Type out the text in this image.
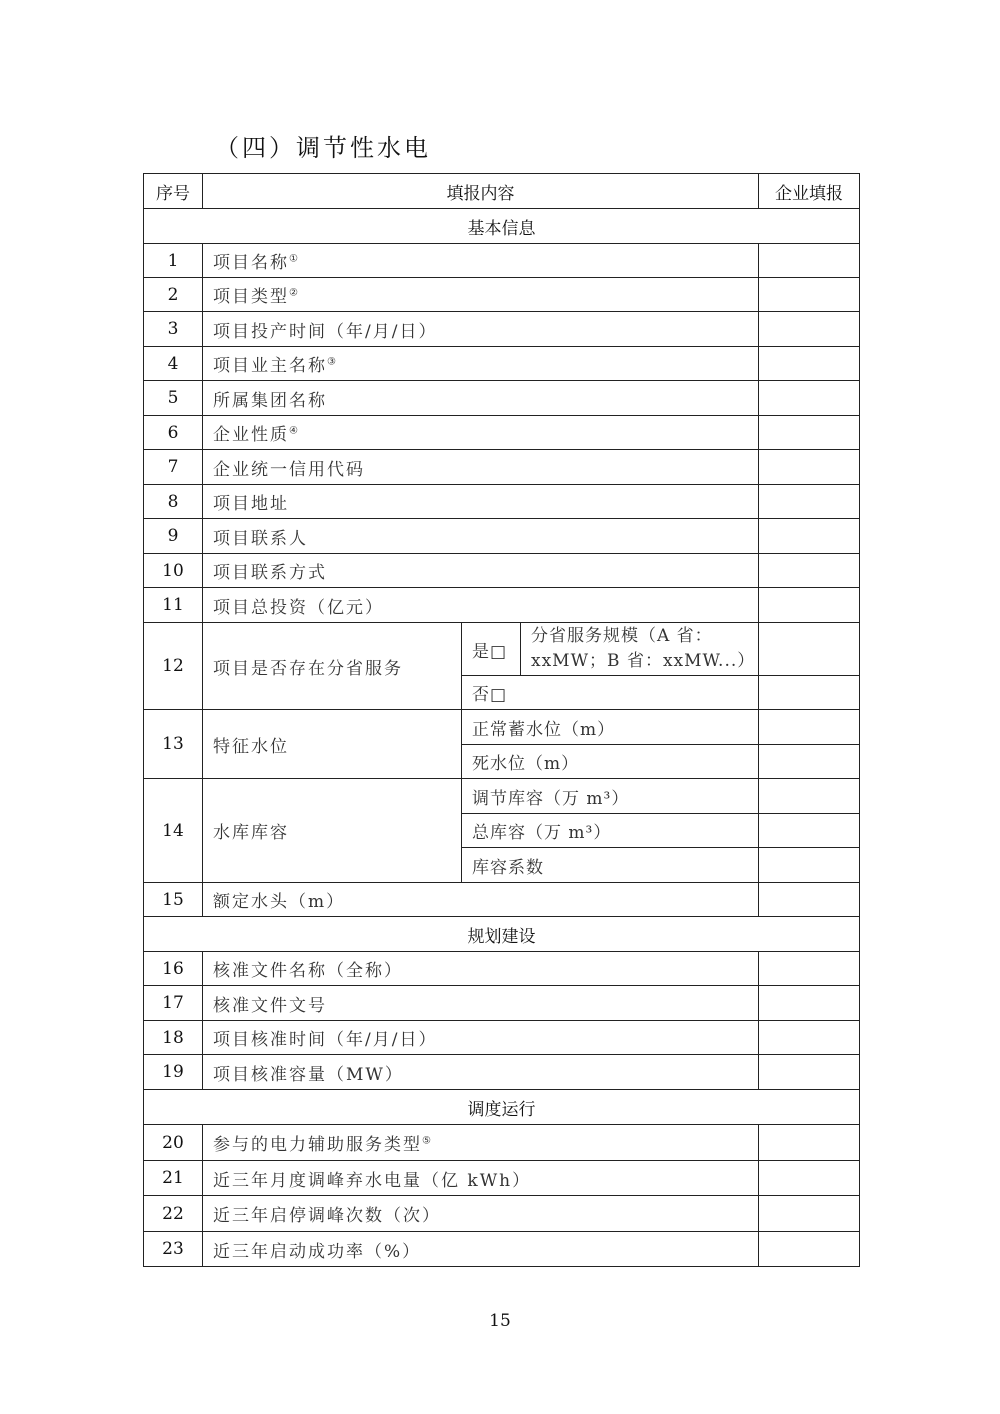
（四）调节性水电
序号	填报内容			企业填报
基本信息				
1	项目名称①	
2	项目类型②	
3	项目投产时间（年/月/日）			
4	项目业主名称③	
5	所属集团名称			
6	企业性质④	
7	企业统一信用代码			
8	项目地址			
9	项目联系人			
10	项目联系方式			
11	项目总投资（亿元）			
12	项目是否存在分省服务	是□	分省服务规模（A 省：xxMW；B 省：xxMW...）	
		否□		
13	特征水位	正常蓄水位（m）		
		死水位（m）		
14	水库库容	调节库容（万 m³）		
		总库容（万 m³）		
		库容系数		
15	额定水头（m）			
规划建设				
16	核准文件名称（全称）			
17	核准文件文号			
18	项目核准时间（年/月/日）			
19	项目核准容量（MW）			
调度运行				
20	参与的电力辅助服务类型⑤	
21	近三年月度调峰弃水电量（亿 kWh）			
22	近三年启停调峰次数（次）			
23	近三年启动成功率（%）			
15
